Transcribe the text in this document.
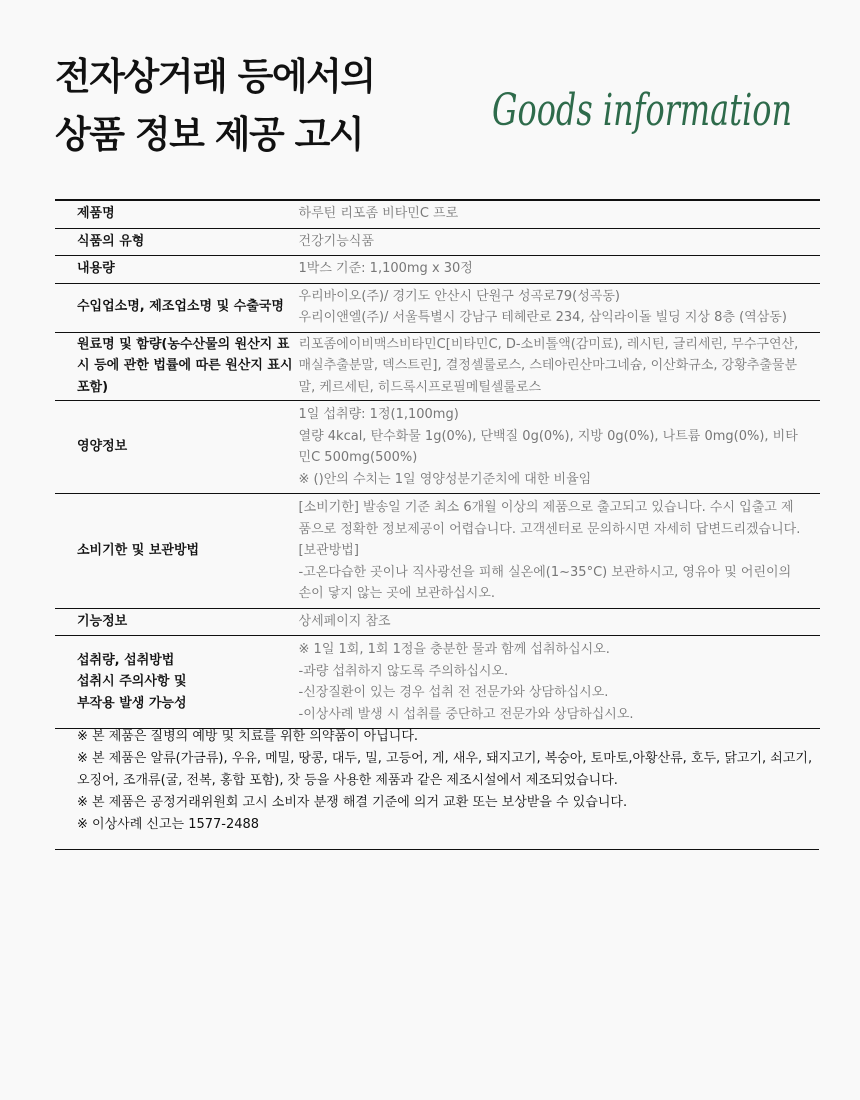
전자상거래 등에서의
상품 정보 제공 고시	Goods information
제품명	하루틴 리포좀 비타민C 프로

식품의 유형	건강기능식품

내용량	1박스 기준: 1,100mg x 30정

수입업소명, 제조업소명 및 수출국명	우리바이오(주)/ 경기도 안산시 단원구 성곡로79(성곡동)
우리이앤엘(주)/ 서울특별시 강남구 테헤란로 234, 삼익라이돌 빌딩 지상 8층 (역삼동)

원료명 및 함량(농수산물의 원산지 표
시 등에 관한 법률에 따른 원산지 표시
포함)	리포좀에이비맥스비타민C[비타민C, D-소비톨액(감미료), 레시틴, 글리세린, 무수구연산,
매실추출분말, 덱스트린], 결정셀룰로스, 스테아린산마그네슘, 이산화규소, 강황추출물분
말, 케르세틴, 히드록시프로필메틸셀룰로스

영양정보	1일 섭취량: 1정(1,100mg)
열량 4kcal, 탄수화물 1g(0%), 단백질 0g(0%), 지방 0g(0%), 나트륨 0mg(0%), 비타
민C 500mg(500%)
※ ()안의 수치는 1일 영양성분기준치에 대한 비율임

소비기한 및 보관방법	[소비기한] 발송일 기준 최소 6개월 이상의 제품으로 출고되고 있습니다. 수시 입출고 제
품으로 정확한 정보제공이 어렵습니다. 고객센터로 문의하시면 자세히 답변드리겠습니다.
[보관방법]
-고온다습한 곳이나 직사광선을 피해 실온에(1~35°C) 보관하시고, 영유아 및 어린이의
손이 닿지 않는 곳에 보관하십시오.

기능정보	상세페이지 참조

섭취량, 섭취방법
섭취시 주의사항 및
부작용 발생 가능성	※ 1일 1회, 1회 1정을 충분한 물과 함께 섭취하십시오.
-과량 섭취하지 않도록 주의하십시오.
-신장질환이 있는 경우 섭취 전 전문가와 상담하십시오.
-이상사례 발생 시 섭취를 중단하고 전문가와 상담하십시오.
※ 본 제품은 질병의 예방 및 치료를 위한 의약품이 아닙니다.
※ 본 제품은 알류(가금류), 우유, 메밀, 땅콩, 대두, 밀, 고등어, 게, 새우, 돼지고기, 복숭아, 토마토,아황산류, 호두, 닭고기, 쇠고기,
오징어, 조개류(굴, 전복, 홍합 포함), 잣 등을 사용한 제품과 같은 제조시설에서 제조되었습니다.
※ 본 제품은 공정거래위원회 고시 소비자 분쟁 해결 기준에 의거 교환 또는 보상받을 수 있습니다.
※ 이상사례 신고는 1577-2488
